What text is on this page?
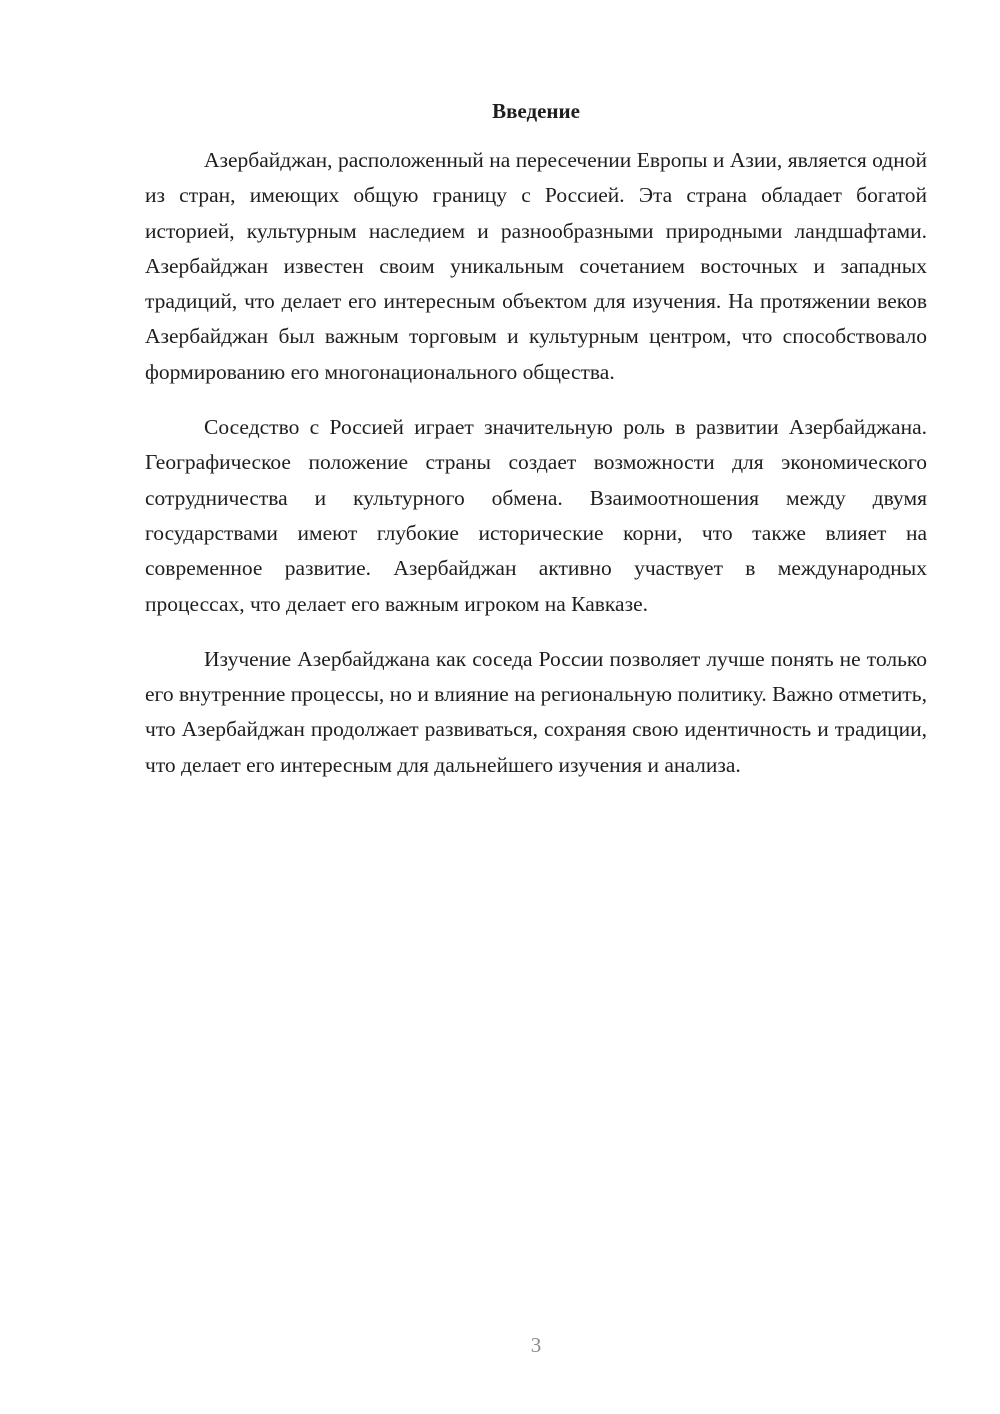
Введение

Азербайджан, расположенный на пересечении Европы и Азии, является одной из стран, имеющих общую границу с Россией. Эта страна обладает богатой историей, культурным наследием и разнообразными природными ландшафтами. Азербайджан известен своим уникальным сочетанием восточных и западных традиций, что делает его интересным объектом для изучения. На протяжении веков Азербайджан был важным торговым и культурным центром, что способствовало формированию его многонационального общества.

Соседство с Россией играет значительную роль в развитии Азербайджана. Географическое положение страны создает возможности для экономического сотрудничества и культурного обмена. Взаимоотношения между двумя государствами имеют глубокие исторические корни, что также влияет на современное развитие. Азербайджан активно участвует в международных процессах, что делает его важным игроком на Кавказе.

Изучение Азербайджана как соседа России позволяет лучше понять не только его внутренние процессы, но и влияние на региональную политику. Важно отметить, что Азербайджан продолжает развиваться, сохраняя свою идентичность и традиции, что делает его интересным для дальнейшего изучения и анализа.

3
